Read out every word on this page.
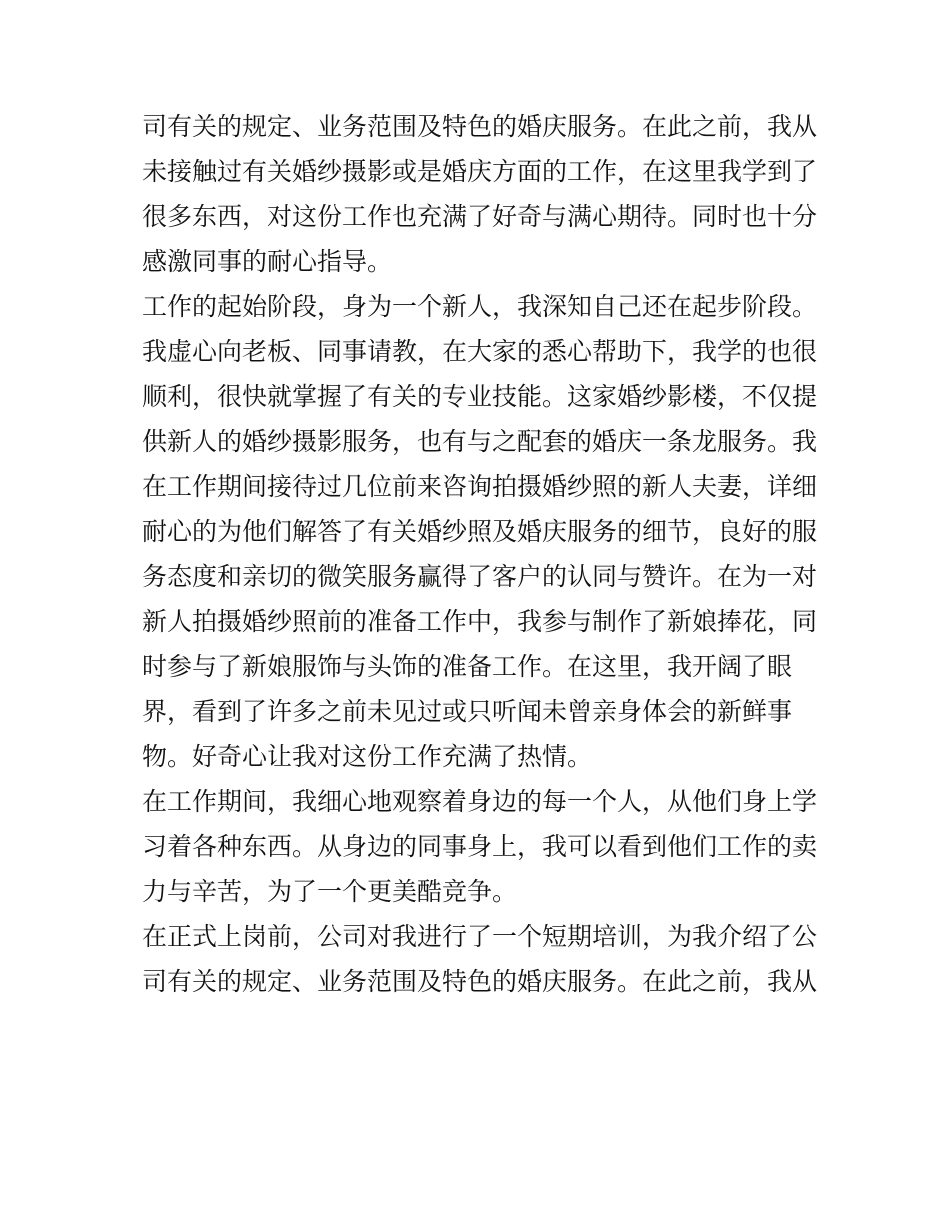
司有关的规定、业务范围及特色的婚庆服务。在此之前，我从
未接触过有关婚纱摄影或是婚庆方面的工作，在这里我学到了
很多东西，对这份工作也充满了好奇与满心期待。同时也十分
感激同事的耐心指导。
工作的起始阶段，身为一个新人，我深知自己还在起步阶段。
我虚心向老板、同事请教，在大家的悉心帮助下，我学的也很
顺利，很快就掌握了有关的专业技能。这家婚纱影楼，不仅提
供新人的婚纱摄影服务，也有与之配套的婚庆一条龙服务。我
在工作期间接待过几位前来咨询拍摄婚纱照的新人夫妻，详细
耐心的为他们解答了有关婚纱照及婚庆服务的细节，良好的服
务态度和亲切的微笑服务赢得了客户的认同与赞许。在为一对
新人拍摄婚纱照前的准备工作中，我参与制作了新娘捧花，同
时参与了新娘服饰与头饰的准备工作。在这里，我开阔了眼
界，看到了许多之前未见过或只听闻未曾亲身体会的新鲜事
物。好奇心让我对这份工作充满了热情。
在工作期间，我细心地观察着身边的每一个人，从他们身上学
习着各种东西。从身边的同事身上，我可以看到他们工作的卖
力与辛苦，为了一个更美酷竞争。
在正式上岗前，公司对我进行了一个短期培训，为我介绍了公
司有关的规定、业务范围及特色的婚庆服务。在此之前，我从
